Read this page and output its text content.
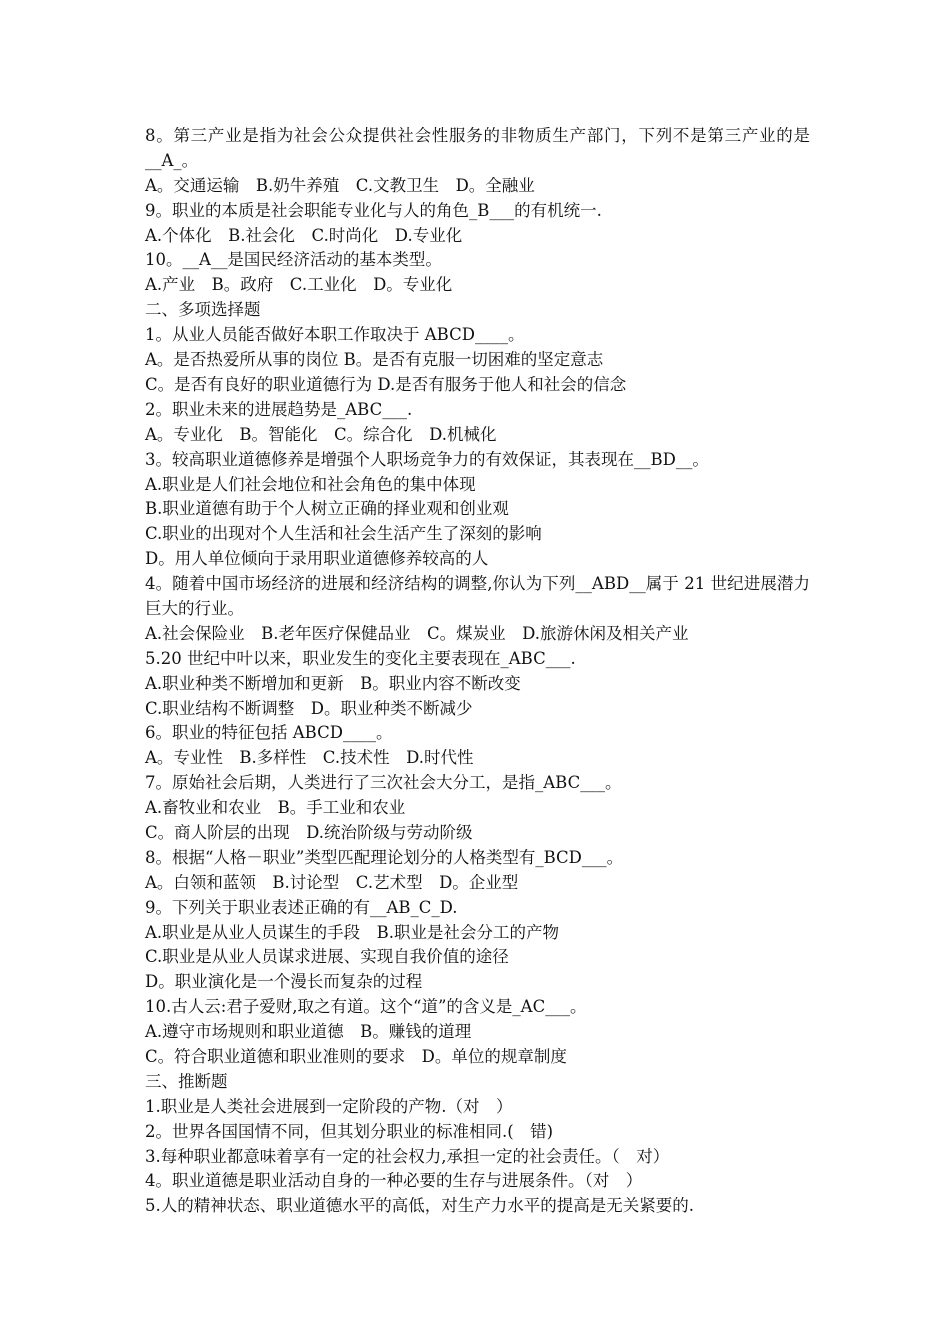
8。第三产业是指为社会公众提供社会性服务的非物质生产部门，下列不是第三产业的是__A_。
A。交通运输　B.奶牛养殖　C.文教卫生　D。全融业
9。职业的本质是社会职能专业化与人的角色_B___的有机统一.
A.个体化　B.社会化　C.时尚化　D.专业化
10。__A__是国民经济活动的基本类型。
A.产业　B。政府　C.工业化　D。专业化
二、多项选择题
1。从业人员能否做好本职工作取决于 ABCD____。
A。是否热爱所从事的岗位 B。是否有克服一切困难的坚定意志
C。是否有良好的职业道德行为 D.是否有服务于他人和社会的信念
2。职业未来的进展趋势是_ABC___.
A。专业化　B。智能化　C。综合化　D.机械化
3。较高职业道德修养是增强个人职场竞争力的有效保证，其表现在__BD__。
A.职业是人们社会地位和社会角色的集中体现
B.职业道德有助于个人树立正确的择业观和创业观
C.职业的出现对个人生活和社会生活产生了深刻的影响
D。用人单位倾向于录用职业道德修养较高的人
4。随着中国市场经济的进展和经济结构的调整,你认为下列__ABD__属于 21 世纪进展潜力巨大的行业。
A.社会保险业　B.老年医疗保健品业　C。煤炭业　D.旅游休闲及相关产业
5.20 世纪中叶以来，职业发生的变化主要表现在_ABC___.
A.职业种类不断增加和更新　B。职业内容不断改变
C.职业结构不断调整　D。职业种类不断减少
6。职业的特征包括 ABCD____。
A。专业性　B.多样性　C.技术性　D.时代性
7。原始社会后期，人类进行了三次社会大分工，是指_ABC___。
A.畜牧业和农业　B。手工业和农业
C。商人阶层的出现　D.统治阶级与劳动阶级
8。根据“人格－职业”类型匹配理论划分的人格类型有_BCD___。
A。白领和蓝领　B.讨论型　C.艺术型　D。企业型
9。下列关于职业表述正确的有__AB_C_D.
A.职业是从业人员谋生的手段　B.职业是社会分工的产物
C.职业是从业人员谋求进展、实现自我价值的途径
D。职业演化是一个漫长而复杂的过程
10.古人云:君子爱财,取之有道。这个“道”的含义是_AC___。
A.遵守市场规则和职业道德　B。赚钱的道理
C。符合职业道德和职业准则的要求　D。单位的规章制度
三、推断题
1.职业是人类社会进展到一定阶段的产物.（对　）
2。世界各国国情不同，但其划分职业的标准相同.(　错)
3.每种职业都意味着享有一定的社会权力,承担一定的社会责任。（　对）
4。职业道德是职业活动自身的一种必要的生存与进展条件。（对　）
5.人的精神状态、职业道德水平的高低，对生产力水平的提高是无关紧要的.
